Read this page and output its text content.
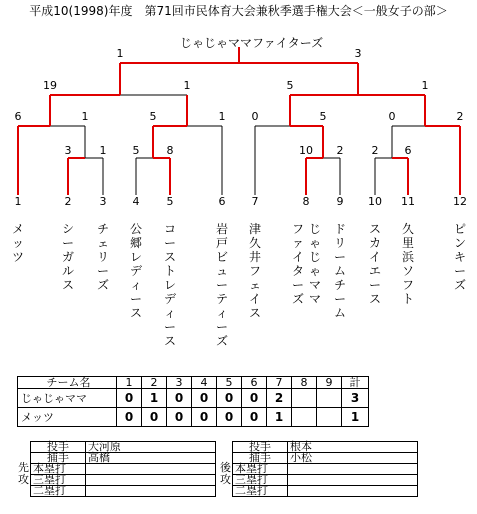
平成10(1998)年度　第71回市民体育大会兼秋季選手権大会＜一般女子の部＞
じゃじゃママファイターズ
1	3
19	1	5	1
6	1	5	1 0	5	0	2
3	1 5 8	10 2	2 6
1	2	3 4 5	6 7	8 9 10 11	12
メッツ
シーガルス
チェリーズ
公郷レディース
コーストレディース
岩戸ビューティーズ
津久井フェイス
ファイターズ
じゃじゃママ
ドリームチーム
スカイエース
久里浜ソフト
ピンキーズ
チーム名	1	2	3	4	5	6	7	8	9	計
じゃじゃママ	0	1	0	0	0	0	2			3
メッツ	0	0	0	0	0	0	1			1
先攻
投手	大河原
捕手	高橋
本塁打	
三塁打	
二塁打	
後攻
投手	根本
捕手	小松
本塁打	
三塁打	
二塁打	
